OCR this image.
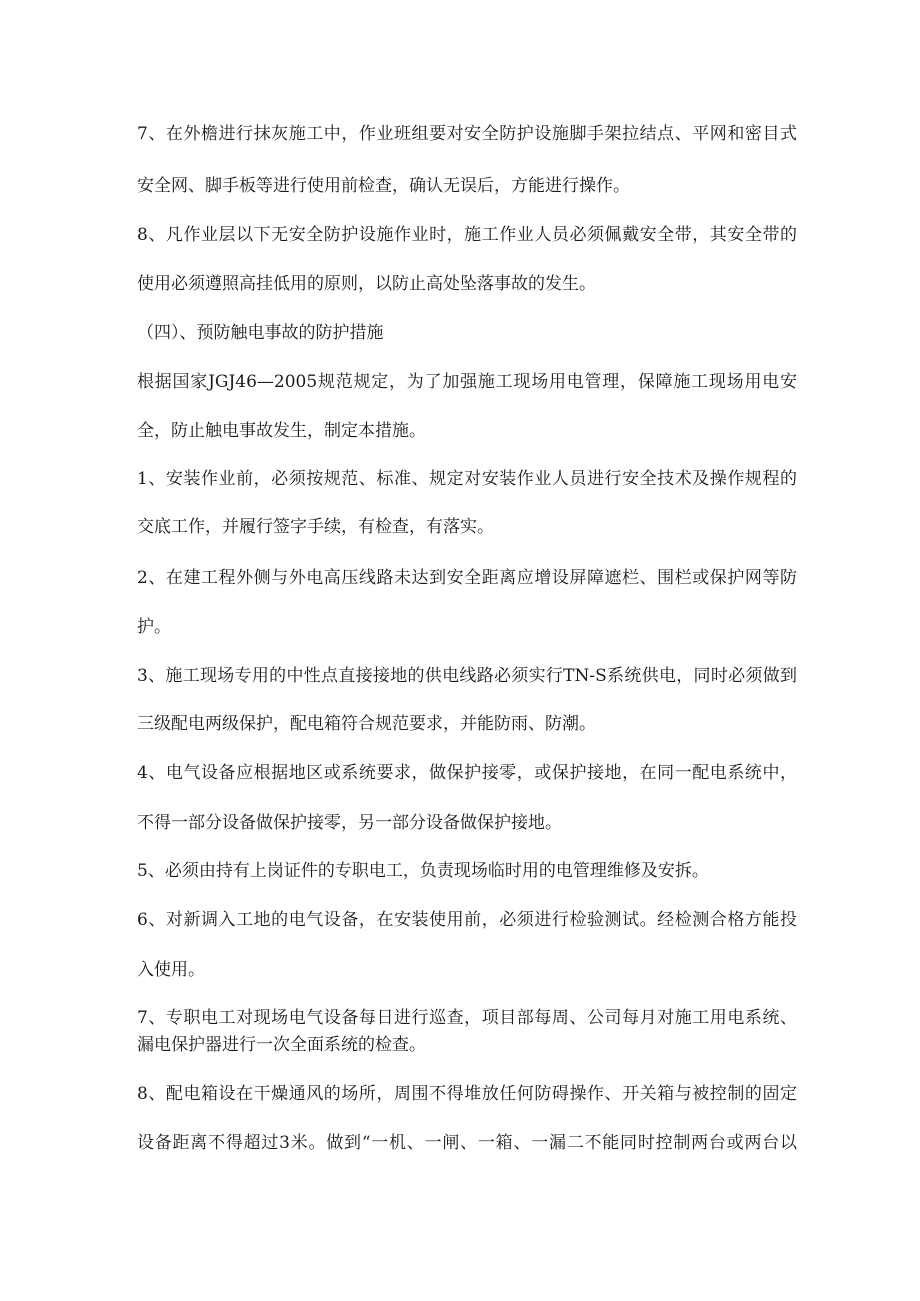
7、在外檐进行抹灰施工中，作业班组要对安全防护设施脚手架拉结点、平网和密目式

安全网、脚手板等进行使用前检查，确认无误后，方能进行操作。

8、凡作业层以下无安全防护设施作业时，施工作业人员必须佩戴安全带，其安全带的

使用必须遵照高挂低用的原则，以防止高处坠落事故的发生。

（四）、预防触电事故的防护措施

根据国家JGJ46—2005规范规定，为了加强施工现场用电管理，保障施工现场用电安

全，防止触电事故发生，制定本措施。

1、安装作业前，必须按规范、标准、规定对安装作业人员进行安全技术及操作规程的

交底工作，并履行签字手续，有检查，有落实。

2、在建工程外侧与外电高压线路未达到安全距离应增设屏障遮栏、围栏或保护网等防

护。

3、施工现场专用的中性点直接接地的供电线路必须实行TN-S系统供电，同时必须做到

三级配电两级保护，配电箱符合规范要求，并能防雨、防潮。

4、电气设备应根据地区或系统要求，做保护接零，或保护接地，在同一配电系统中，

不得一部分设备做保护接零，另一部分设备做保护接地。

5、必须由持有上岗证件的专职电工，负责现场临时用的电管理维修及安拆。

6、对新调入工地的电气设备，在安装使用前，必须进行检验测试。经检测合格方能投

入使用。

7、专职电工对现场电气设备每日进行巡查，项目部每周、公司每月对施工用电系统、

漏电保护器进行一次全面系统的检查。

8、配电箱设在干燥通风的场所，周围不得堆放任何防碍操作、开关箱与被控制的固定

设备距离不得超过3米。做到“一机、一闸、一箱、一漏二不能同时控制两台或两台以
